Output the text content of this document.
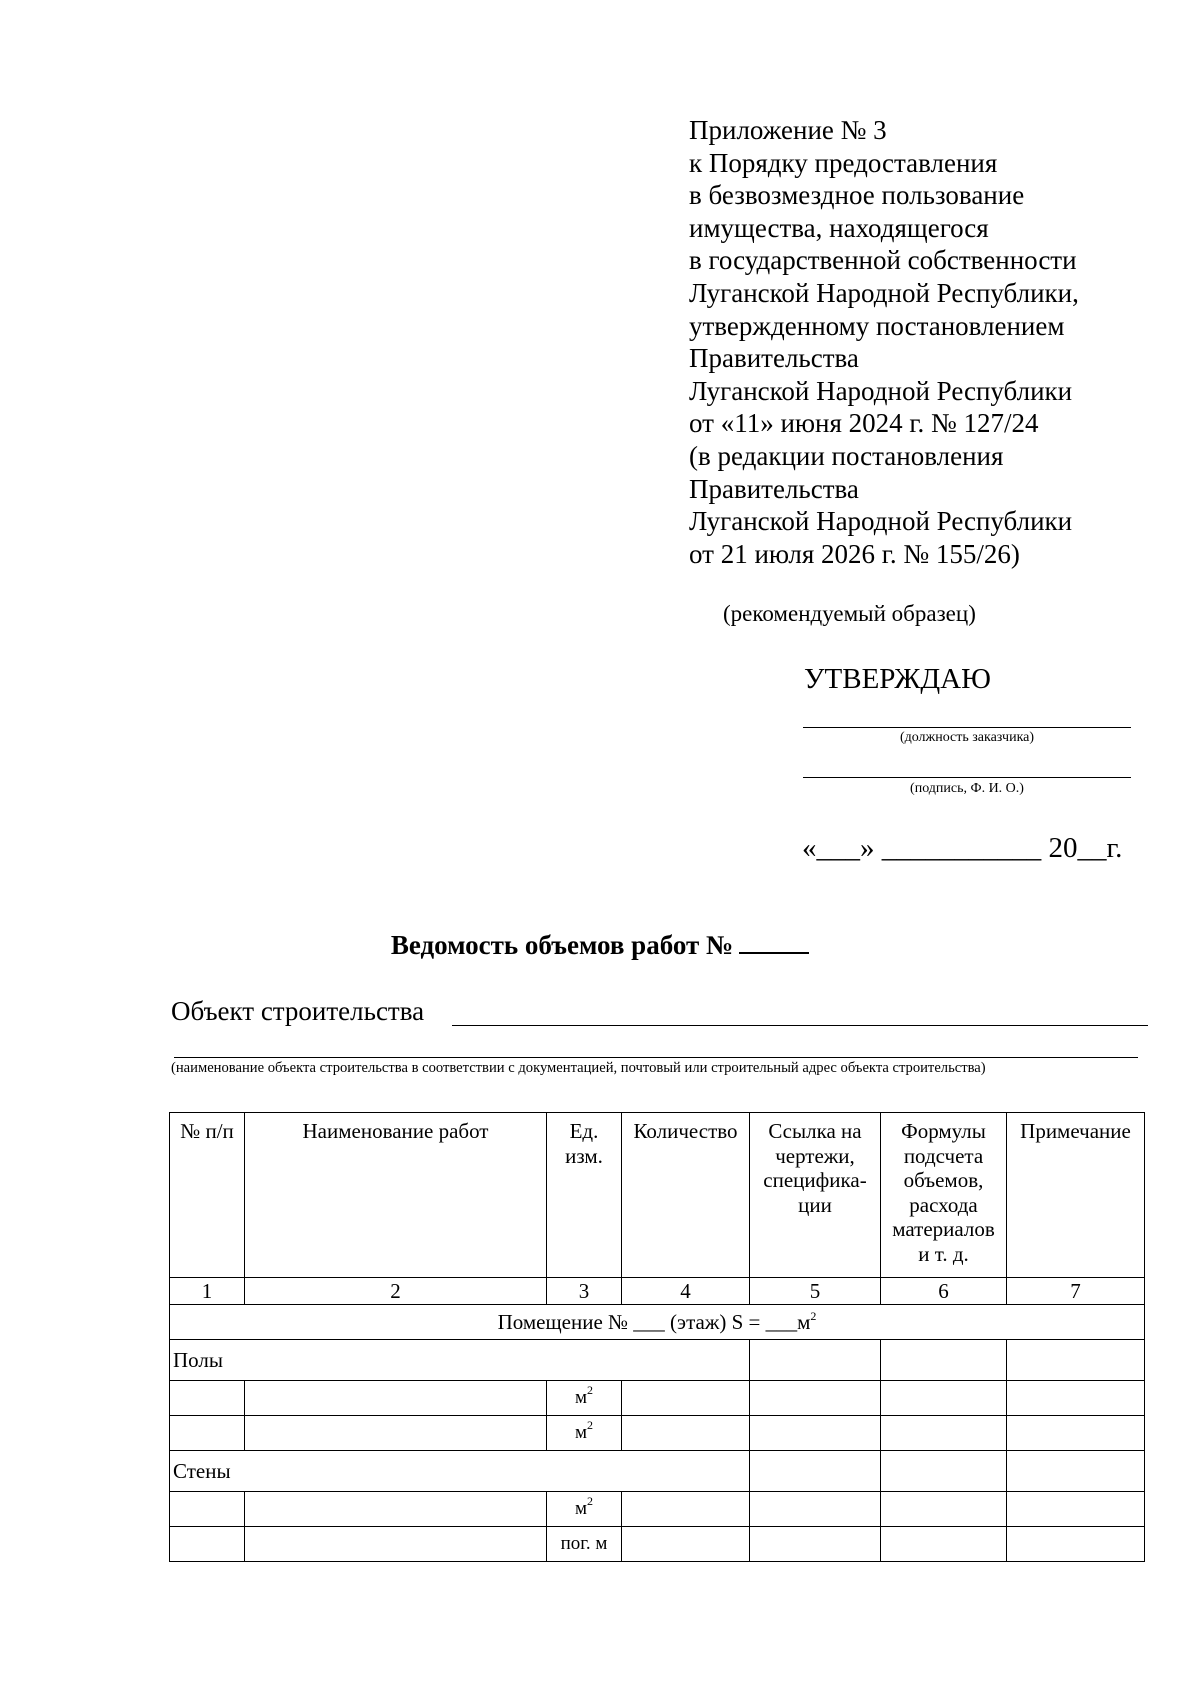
Приложение № 3
к Порядку предоставления
в безвозмездное пользование
имущества, находящегося
в государственной собственности
Луганской Народной Республики,
утвержденному постановлением
Правительства
Луганской Народной Республики
от «11» июня 2024 г. № 127/24
(в редакции постановления
Правительства
Луганской Народной Республики
от 21 июля 2026 г. № 155/26)
(рекомендуемый образец)
УТВЕРЖДАЮ
(должность заказчика)
(подпись, Ф. И. О.)
«___» ___________ 20__г.
Ведомость объемов работ №
Объект строительства
(наименование объекта строительства в соответствии с документацией, почтовый или строительный адрес объекта строительства)
№ п/п	Наименование работ	Ед. изм.	Количество	Ссылка на чертежи, специфика-ции	Формулы подсчета объемов, расхода материалов и т. д.	Примечание
1	2	3	4	5	6	7
Помещение № ___ (этаж) $S = \_\_\_м^2$
Полы						
		$м^2$				
		$м^2$				
Стены						
		$м^2$				
		пог. м				
